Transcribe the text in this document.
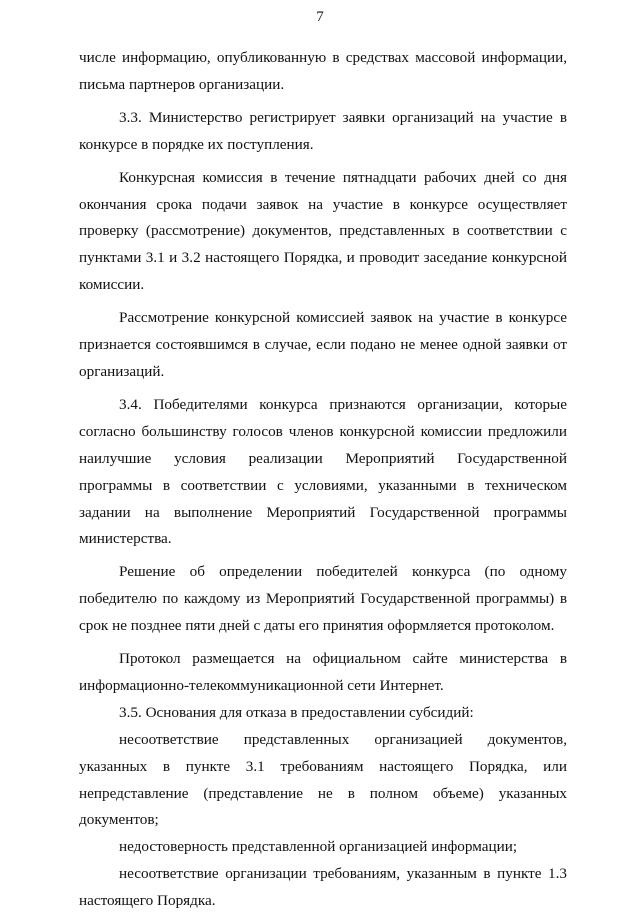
7

числе информацию, опубликованную в средствах массовой информации, письма партнеров организации.

3.3. Министерство регистрирует заявки организаций на участие в конкурсе в порядке их поступления.

Конкурсная комиссия в течение пятнадцати рабочих дней со дня окончания срока подачи заявок на участие в конкурсе осуществляет проверку (рассмотрение) документов, представленных в соответствии с пунктами 3.1 и 3.2 настоящего Порядка, и проводит заседание конкурсной комиссии.

Рассмотрение конкурсной комиссией заявок на участие в конкурсе признается состоявшимся в случае, если подано не менее одной заявки от организаций.

3.4. Победителями конкурса признаются организации, которые согласно большинству голосов членов конкурсной комиссии предложили наилучшие условия реализации Мероприятий Государственной программы в соответствии с условиями, указанными в техническом задании на выполнение Мероприятий Государственной программы министерства.

Решение об определении победителей конкурса (по одному победителю по каждому из Мероприятий Государственной программы) в срок не позднее пяти дней с даты его принятия оформляется протоколом.

Протокол размещается на официальном сайте министерства в информационно-телекоммуникационной сети Интернет.

3.5. Основания для отказа в предоставлении субсидий:

несоответствие представленных организацией документов, указанных в пункте 3.1 требованиям настоящего Порядка, или непредставление (представление не в полном объеме) указанных документов;

недостоверность представленной организацией информации;

несоответствие организации требованиям, указанным в пункте 1.3 настоящего Порядка.
